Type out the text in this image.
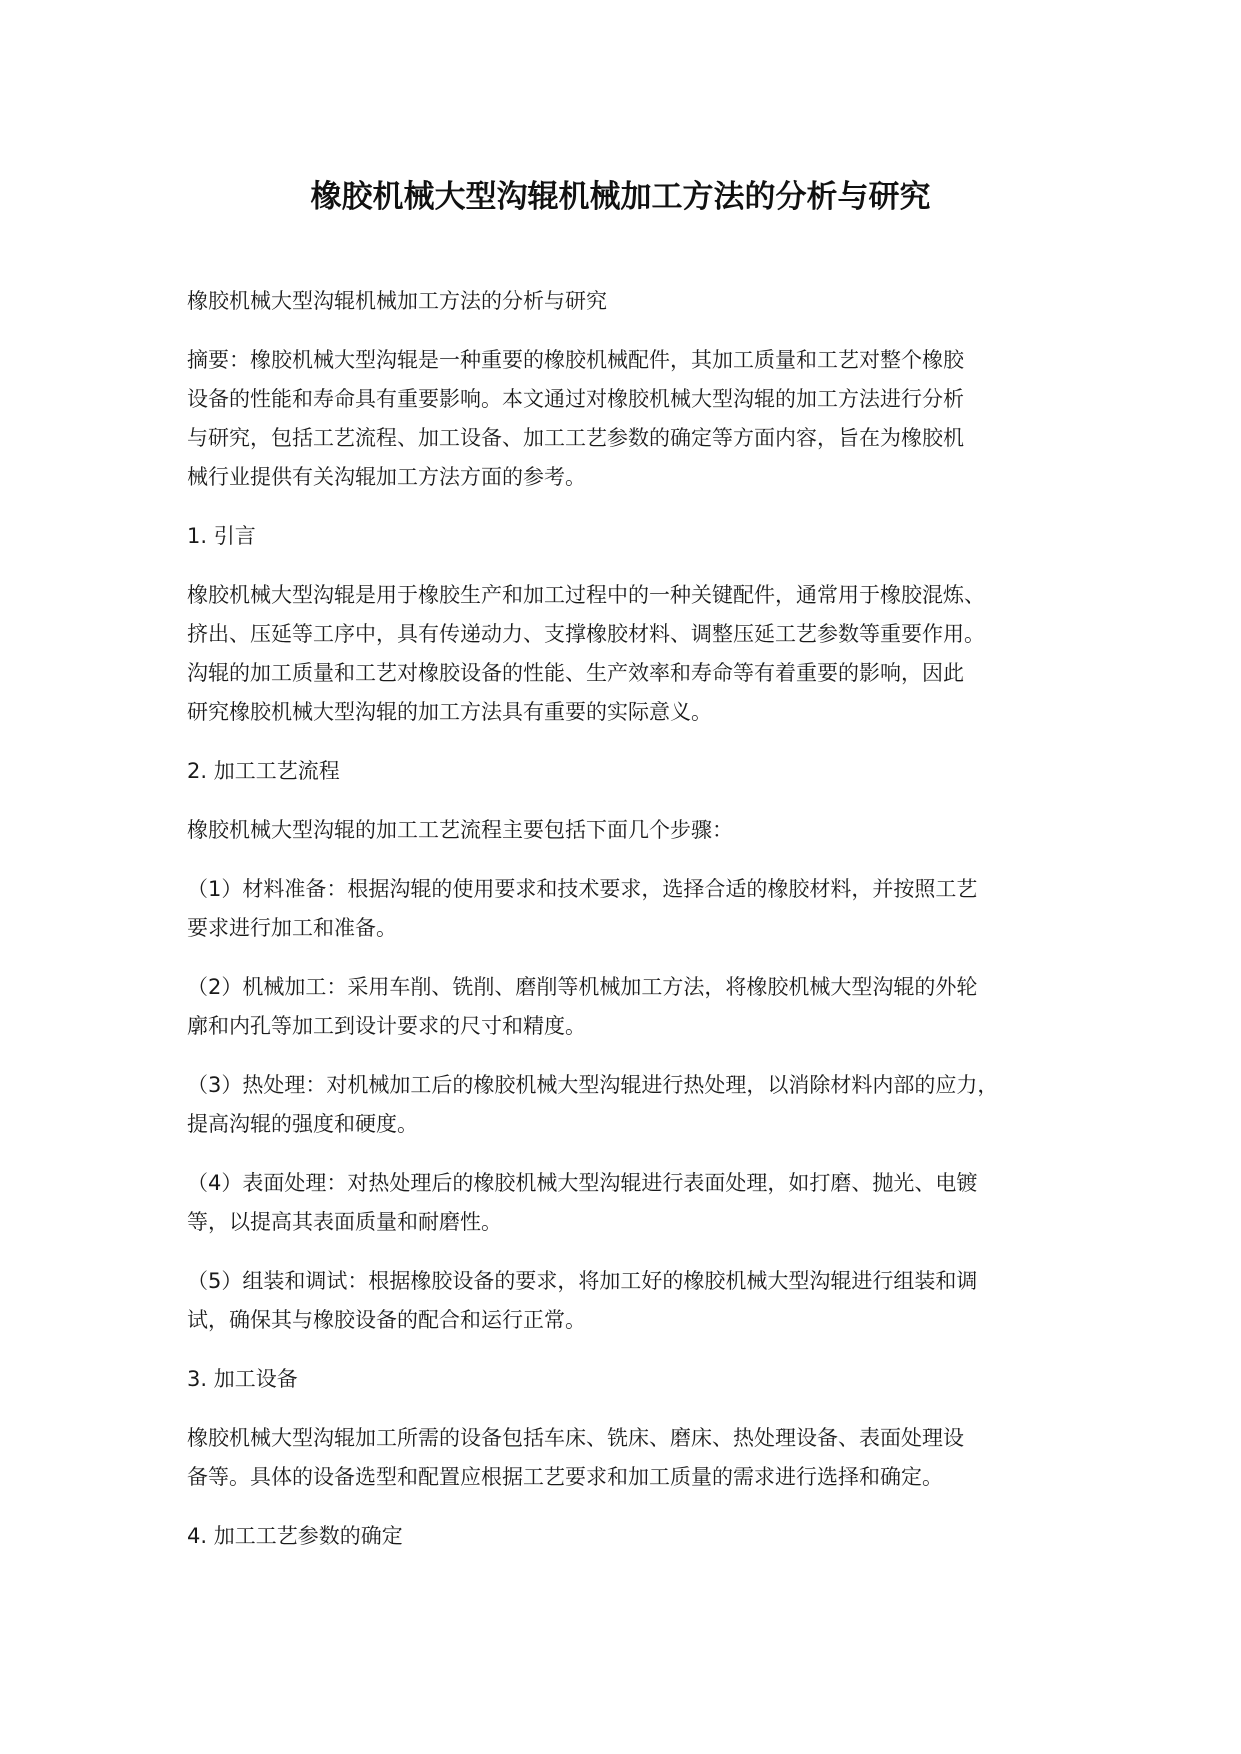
橡胶机械大型沟辊机械加工方法的分析与研究

橡胶机械大型沟辊机械加工方法的分析与研究

摘要：橡胶机械大型沟辊是一种重要的橡胶机械配件，其加工质量和工艺对整个橡胶
设备的性能和寿命具有重要影响。本文通过对橡胶机械大型沟辊的加工方法进行分析
与研究，包括工艺流程、加工设备、加工工艺参数的确定等方面内容，旨在为橡胶机
械行业提供有关沟辊加工方法方面的参考。

1. 引言

橡胶机械大型沟辊是用于橡胶生产和加工过程中的一种关键配件，通常用于橡胶混炼、
挤出、压延等工序中，具有传递动力、支撑橡胶材料、调整压延工艺参数等重要作用。
沟辊的加工质量和工艺对橡胶设备的性能、生产效率和寿命等有着重要的影响，因此
研究橡胶机械大型沟辊的加工方法具有重要的实际意义。

2. 加工工艺流程

橡胶机械大型沟辊的加工工艺流程主要包括下面几个步骤：

（1）材料准备：根据沟辊的使用要求和技术要求，选择合适的橡胶材料，并按照工艺
要求进行加工和准备。

（2）机械加工：采用车削、铣削、磨削等机械加工方法，将橡胶机械大型沟辊的外轮
廓和内孔等加工到设计要求的尺寸和精度。

（3）热处理：对机械加工后的橡胶机械大型沟辊进行热处理，以消除材料内部的应力，
提高沟辊的强度和硬度。

（4）表面处理：对热处理后的橡胶机械大型沟辊进行表面处理，如打磨、抛光、电镀
等，以提高其表面质量和耐磨性。

（5）组装和调试：根据橡胶设备的要求，将加工好的橡胶机械大型沟辊进行组装和调
试，确保其与橡胶设备的配合和运行正常。

3. 加工设备

橡胶机械大型沟辊加工所需的设备包括车床、铣床、磨床、热处理设备、表面处理设
备等。具体的设备选型和配置应根据工艺要求和加工质量的需求进行选择和确定。

4. 加工工艺参数的确定
